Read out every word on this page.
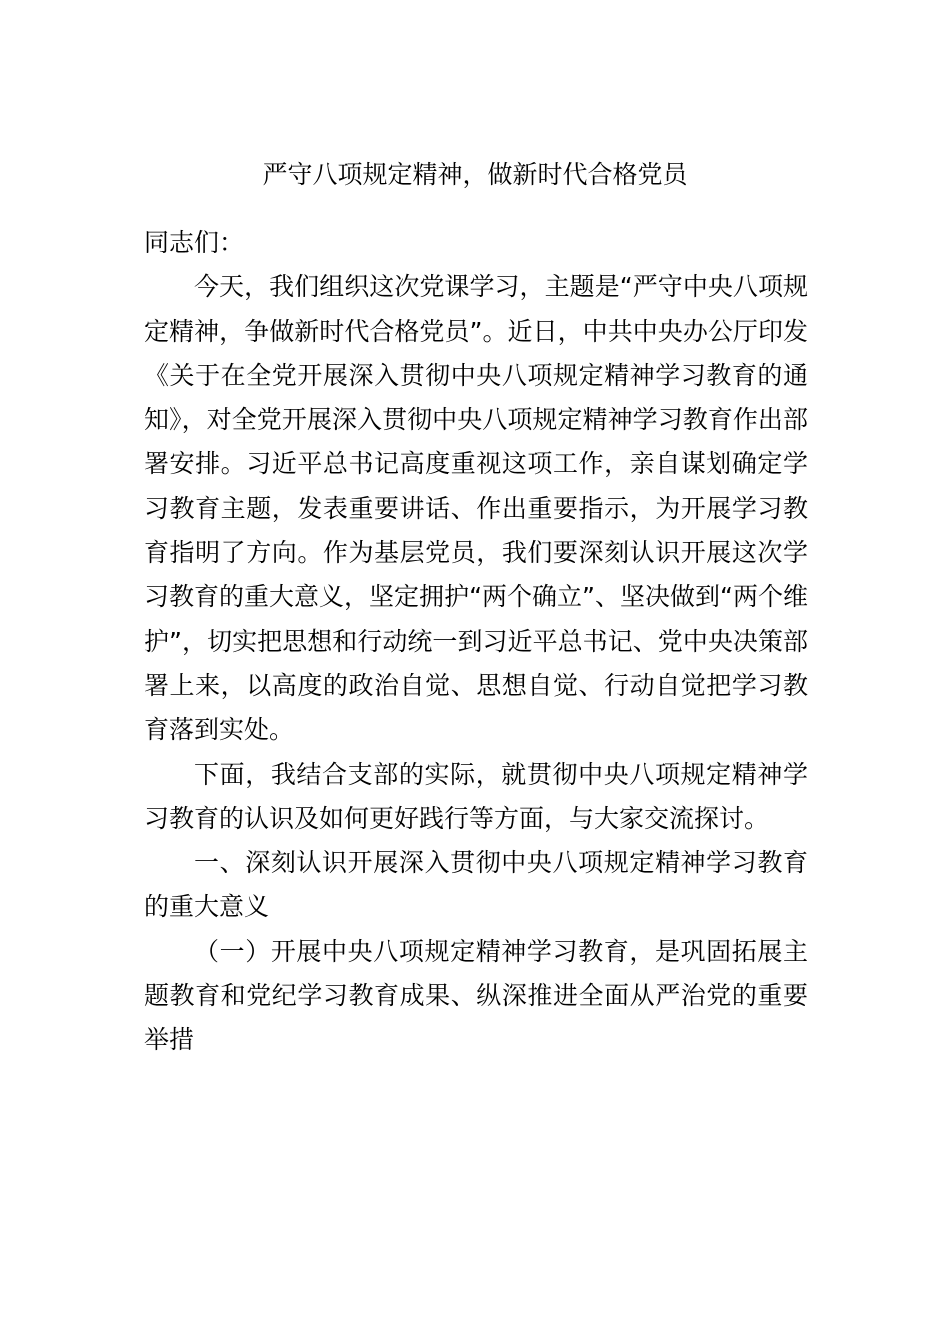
严守八项规定精神，做新时代合格党员

同志们：

今天，我们组织这次党课学习，主题是“严守中央八项规定精神，争做新时代合格党员”。近日，中共中央办公厅印发《关于在全党开展深入贯彻中央八项规定精神学习教育的通知》，对全党开展深入贯彻中央八项规定精神学习教育作出部署安排。习近平总书记高度重视这项工作，亲自谋划确定学习教育主题，发表重要讲话、作出重要指示，为开展学习教育指明了方向。作为基层党员，我们要深刻认识开展这次学习教育的重大意义，坚定拥护“两个确立”、坚决做到“两个维护”，切实把思想和行动统一到习近平总书记、党中央决策部署上来，以高度的政治自觉、思想自觉、行动自觉把学习教育落到实处。

下面，我结合支部的实际，就贯彻中央八项规定精神学习教育的认识及如何更好践行等方面，与大家交流探讨。

一、深刻认识开展深入贯彻中央八项规定精神学习教育的重大意义

（一）开展中央八项规定精神学习教育，是巩固拓展主题教育和党纪学习教育成果、纵深推进全面从严治党的重要举措
